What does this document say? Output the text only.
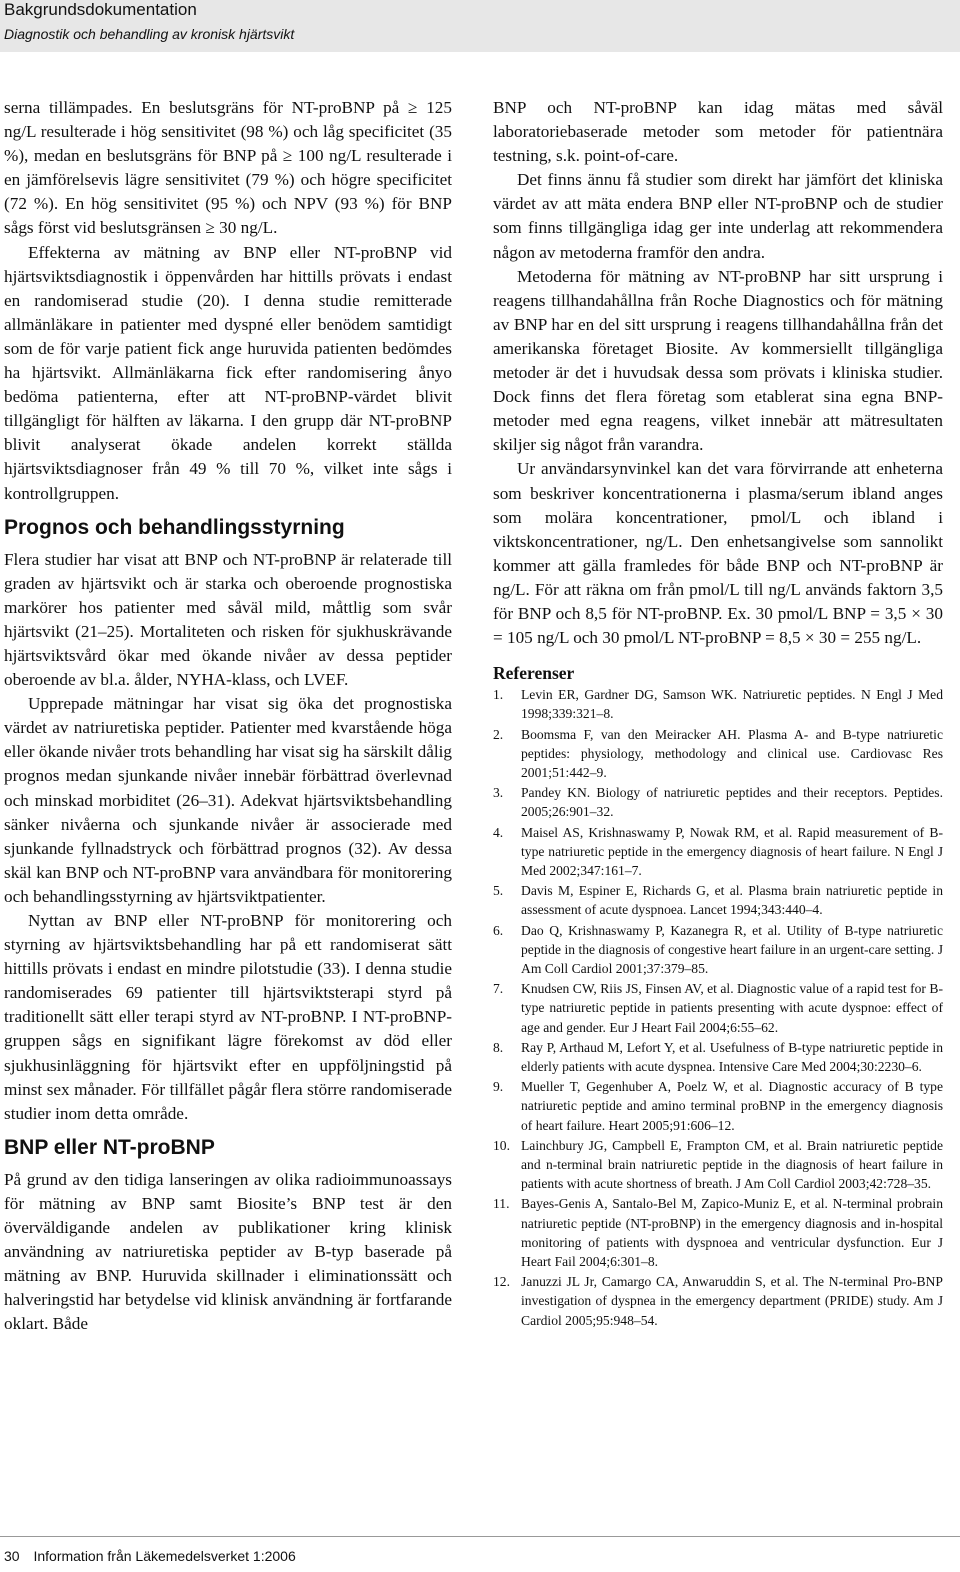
Bakgrundsdokumentation
Diagnostik och behandling av kronisk hjärtsvikt

serna tillämpades. En beslutsgräns för NT-proBNP på ≥ 125 ng/L resulterade i hög sensitivitet (98 %) och låg specificitet (35 %), medan en beslutsgräns för BNP på ≥ 100 ng/L resulterade i en jämförelsevis lägre sensitivitet (79 %) och högre specificitet (72 %). En hög sensitivitet (95 %) och NPV (93 %) för BNP sågs först vid beslutsgränsen ≥ 30 ng/L.

Effekterna av mätning av BNP eller NT-proBNP vid hjärtsviktsdiagnostik i öppenvården har hittills prövats i endast en randomiserad studie (20). I denna studie remitterade allmänläkare in patienter med dyspné eller benödem samtidigt som de för varje patient fick ange huruvida patienten bedömdes ha hjärtsvikt. Allmänläkarna fick efter randomisering ånyo bedöma patienterna, efter att NT-proBNP-värdet blivit tillgängligt för hälften av läkarna. I den grupp där NT-proBNP blivit analyserat ökade andelen korrekt ställda hjärtsviktsdiagnoser från 49 % till 70 %, vilket inte sågs i kontrollgruppen.

Prognos och behandlingsstyrning

Flera studier har visat att BNP och NT-proBNP är relaterade till graden av hjärtsvikt och är starka och oberoende prognostiska markörer hos patienter med såväl mild, måttlig som svår hjärtsvikt (21–25). Mortaliteten och risken för sjukhuskrävande hjärtsviktsvård ökar med ökande nivåer av dessa peptider oberoende av bl.a. ålder, NYHA-klass, och LVEF.

Upprepade mätningar har visat sig öka det prognostiska värdet av natriuretiska peptider. Patienter med kvarstående höga eller ökande nivåer trots behandling har visat sig ha särskilt dålig prognos medan sjunkande nivåer innebär förbättrad överlevnad och minskad morbiditet (26–31). Adekvat hjärtsviktsbehandling sänker nivåerna och sjunkande nivåer är associerade med sjunkande fyllnadstryck och förbättrad prognos (32). Av dessa skäl kan BNP och NT-proBNP vara användbara för monitorering och behandlingsstyrning av hjärtsviktpatienter.

Nyttan av BNP eller NT-proBNP för monitorering och styrning av hjärtsviktsbehandling har på ett randomiserat sätt hittills prövats i endast en mindre pilotstudie (33). I denna studie randomiserades 69 patienter till hjärtsviktsterapi styrd på traditionellt sätt eller terapi styrd av NT-proBNP. I NT-proBNP-gruppen sågs en signifikant lägre förekomst av död eller sjukhusinläggning för hjärtsvikt efter en uppföljningstid på minst sex månader. För tillfället pågår flera större randomiserade studier inom detta område.

BNP eller NT-proBNP

På grund av den tidiga lanseringen av olika radioimmunoassays för mätning av BNP samt Biosite’s BNP test är den överväldigande andelen av publikationer kring klinisk användning av natriuretiska peptider av B-typ baserade på mätning av BNP. Huruvida skillnader i eliminationssätt och halveringstid har betydelse vid klinisk användning är fortfarande oklart. Både

BNP och NT-proBNP kan idag mätas med såväl laboratoriebaserade metoder som metoder för patientnära testning, s.k. point-of-care.

Det finns ännu få studier som direkt har jämfört det kliniska värdet av att mäta endera BNP eller NT-proBNP och de studier som finns tillgängliga idag ger inte underlag att rekommendera någon av metoderna framför den andra.

Metoderna för mätning av NT-proBNP har sitt ursprung i reagens tillhandahållna från Roche Diagnostics och för mätning av BNP har en del sitt ursprung i reagens tillhandahållna från det amerikanska företaget Biosite. Av kommersiellt tillgängliga metoder är det i huvudsak dessa som prövats i kliniska studier. Dock finns det flera företag som etablerat sina egna BNP-metoder med egna reagens, vilket innebär att mätresultaten skiljer sig något från varandra.

Ur användarsynvinkel kan det vara förvirrande att enheterna som beskriver koncentrationerna i plasma/serum ibland anges som molära koncentrationer, pmol/L och ibland i viktskoncentrationer, ng/L. Den enhetsangivelse som sannolikt kommer att gälla framledes för både BNP och NT-proBNP är ng/L. För att räkna om från pmol/L till ng/L används faktorn 3,5 för BNP och 8,5 för NT-proBNP. Ex. 30 pmol/L BNP = 3,5 × 30 = 105 ng/L och 30 pmol/L NT-proBNP = 8,5 × 30 = 255 ng/L.

Referenser
1.	Levin ER, Gardner DG, Samson WK. Natriuretic peptides. N Engl J Med 1998;339:321–8.
2.	Boomsma F, van den Meiracker AH. Plasma A- and B-type natriuretic peptides: physiology, methodology and clinical use. Cardiovasc Res 2001;51:442–9.
3.	Pandey KN. Biology of natriuretic peptides and their receptors. Peptides. 2005;26:901–32.
4.	Maisel AS, Krishnaswamy P, Nowak RM, et al. Rapid measurement of B-type natriuretic peptide in the emergency diagnosis of heart failure. N Engl J Med 2002;347:161–7.
5.	Davis M, Espiner E, Richards G, et al. Plasma brain natriuretic peptide in assessment of acute dyspnoea. Lancet 1994;343:440–4.
6.	Dao Q, Krishnaswamy P, Kazanegra R, et al. Utility of B-type natriuretic peptide in the diagnosis of congestive heart failure in an urgent-care setting. J Am Coll Cardiol 2001;37:379–85.
7.	Knudsen CW, Riis JS, Finsen AV, et al. Diagnostic value of a rapid test for B-type natriuretic peptide in patients presenting with acute dyspnoe: effect of age and gender. Eur J Heart Fail 2004;6:55–62.
8.	Ray P, Arthaud M, Lefort Y, et al. Usefulness of B-type natriuretic peptide in elderly patients with acute dyspnea. Intensive Care Med 2004;30:2230–6.
9.	Mueller T, Gegenhuber A, Poelz W, et al. Diagnostic accuracy of B type natriuretic peptide and amino terminal proBNP in the emergency diagnosis of heart failure. Heart 2005;91:606–12.
10. Lainchbury JG, Campbell E, Frampton CM, et al. Brain natriuretic peptide and n-terminal brain natriuretic peptide in the diagnosis of heart failure in patients with acute shortness of breath. J Am Coll Cardiol 2003;42:728–35.
11. Bayes-Genis A, Santalo-Bel M, Zapico-Muniz E, et al. N-terminal probrain natriuretic peptide (NT-proBNP) in the emergency diagnosis and in-hospital monitoring of patients with dyspnoea and ventricular dysfunction. Eur J Heart Fail 2004;6:301–8.
12. Januzzi JL Jr, Camargo CA, Anwaruddin S, et al. The N-terminal Pro-BNP investigation of dyspnea in the emergency department (PRIDE) study. Am J Cardiol 2005;95:948–54.
30 Information från Läkemedelsverket 1:2006
